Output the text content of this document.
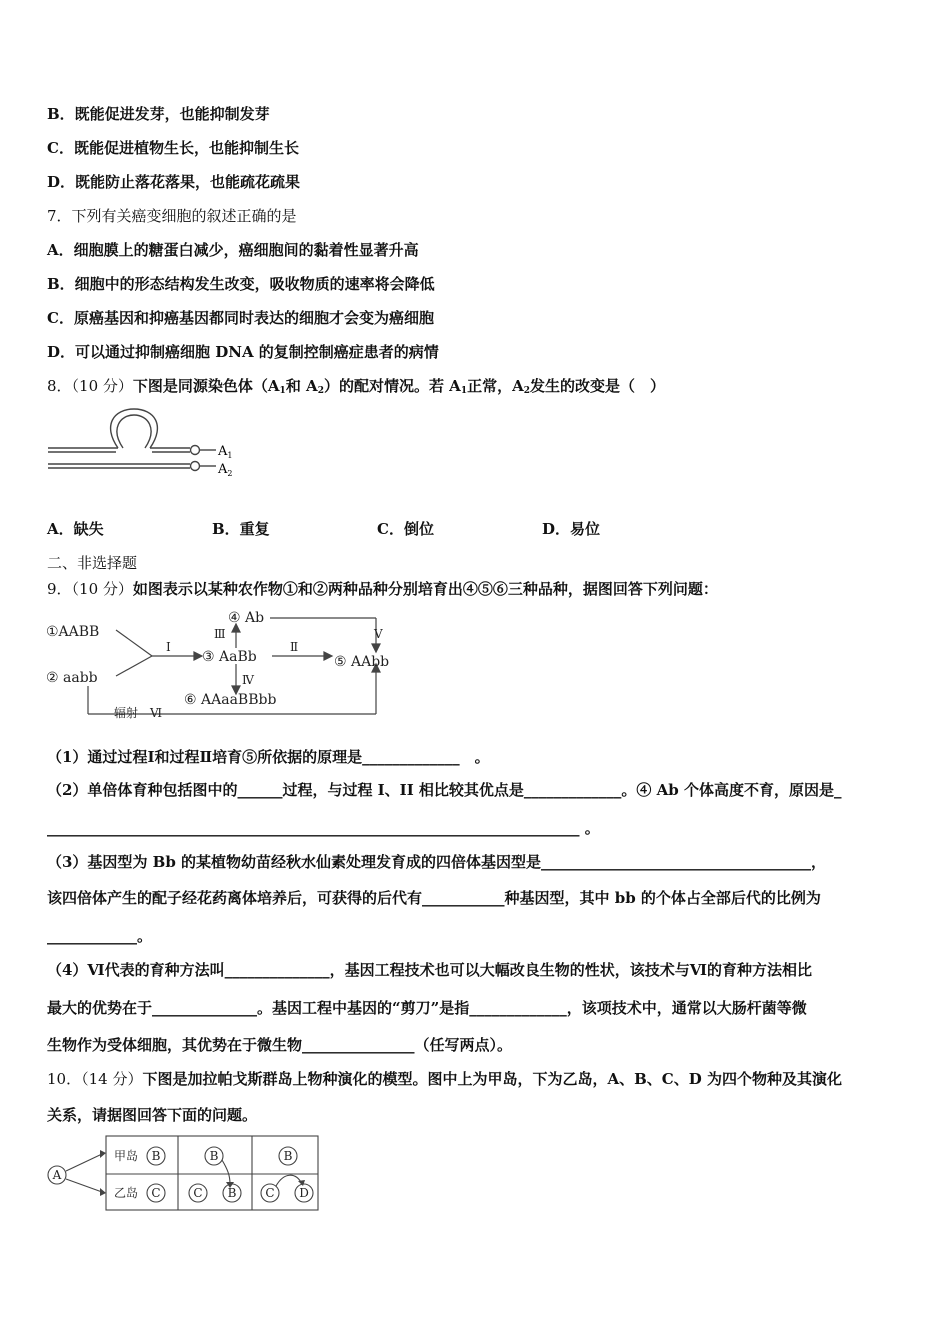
B．既能促进发芽，也能抑制发芽
C．既能促进植物生长，也能抑制生长
D．既能防止落花落果，也能疏花疏果
7．下列有关癌变细胞的叙述正确的是
A．细胞膜上的糖蛋白减少，癌细胞间的黏着性显著升高
B．细胞中的形态结构发生改变，吸收物质的速率将会降低
C．原癌基因和抑癌基因都同时表达的细胞才会变为癌细胞
D．可以通过抑制癌细胞 DNA 的复制控制癌症患者的病情
8．（10 分）下图是同源染色体（$A_1$和 $A_2$）的配对情况。若 $A_1$正常，$A_2$发生的改变是（　）
$A_1$
$A_2$
A．缺失	B．重复	C．倒位	D．易位
二、非选择题
9．（10 分）如图表示以某种农作物①和②两种品种分别培育出④⑤⑥三种品种，据图回答下列问题：
①AABB
② aabb
③ AaBb
④ Ab
⑤ AAbb
⑥ AAaaBBbb
Ⅰ	Ⅱ
Ⅲ
Ⅳ
Ⅴ
辐射　Ⅵ
（1）通过过程Ⅰ和过程Ⅱ培育⑤所依据的原理是_____________　。
（2）单倍体育种包括图中的______过程，与过程 I、II 相比较其优点是_____________。④ Ab 个体高度不育，原因是_
_______________________________________________________________________ 。
（3）基因型为 Bb 的某植物幼苗经秋水仙素处理发育成的四倍体基因型是____________________________________，
该四倍体产生的配子经花药离体培养后，可获得的后代有___________种基因型，其中 bb 的个体占全部后代的比例为
____________。
（4）Ⅵ代表的育种方法叫______________，基因工程技术也可以大幅改良生物的性状，该技术与Ⅵ的育种方法相比
最大的优势在于______________。基因工程中基因的“剪刀”是指_____________，该项技术中，通常以大肠杆菌等微
生物作为受体细胞，其优势在于微生物_______________（任写两点）。
10．（14 分）下图是加拉帕戈斯群岛上物种演化的模型。图中上为甲岛，下为乙岛，A、B、C、D 为四个物种及其演化
关系，请据图回答下面的问题。
A
B
C
B
C B
B
C D
甲岛
乙岛
